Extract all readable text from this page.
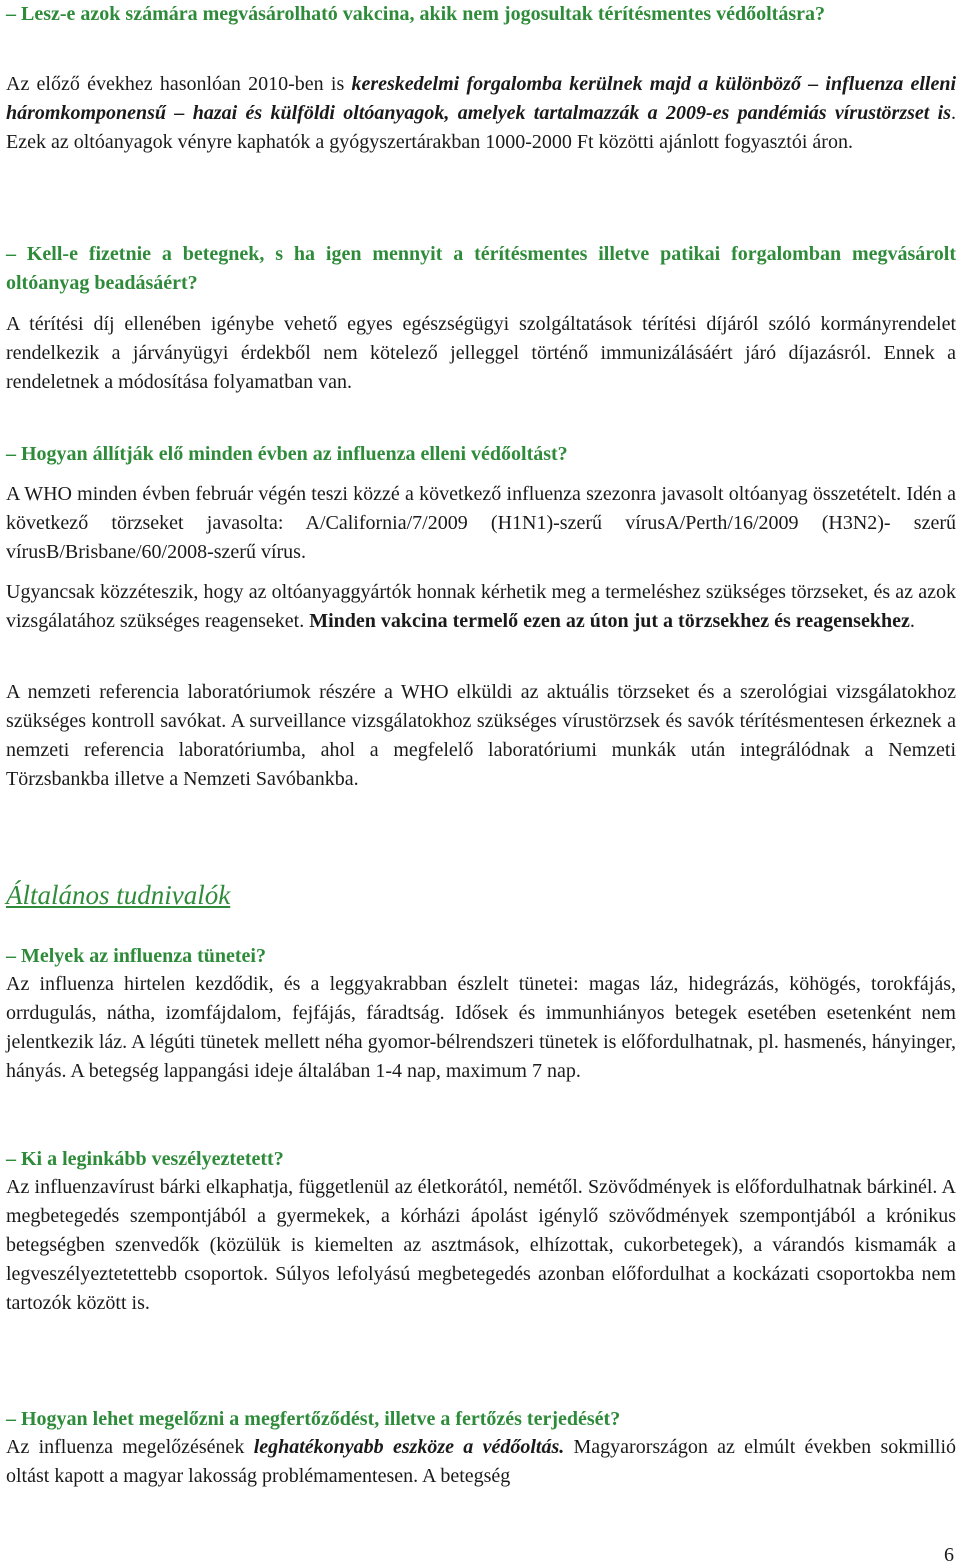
– Lesz-e azok számára megvásárolható vakcina, akik nem jogosultak térítésmentes védőoltásra?

Az előző évekhez hasonlóan 2010-ben is kereskedelmi forgalomba kerülnek majd a különböző – influenza elleni háromkomponensű – hazai és külföldi oltóanyagok, amelyek tartalmazzák a 2009-es pandémiás vírustörzset is. Ezek az oltóanyagok vényre kaphatók a gyógyszertárakban 1000-2000 Ft közötti ajánlott fogyasztói áron.

– Kell-e fizetnie a betegnek, s ha igen mennyit a térítésmentes illetve patikai forgalomban megvásárolt oltóanyag beadásáért?

A térítési díj ellenében igénybe vehető egyes egészségügyi szolgáltatások térítési díjáról szóló kormányrendelet rendelkezik a járványügyi érdekből nem kötelező jelleggel történő immunizálásáért járó díjazásról. Ennek a rendeletnek a módosítása folyamatban van.

– Hogyan állítják elő minden évben az influenza elleni védőoltást?

A WHO minden évben február végén teszi közzé a következő influenza szezonra javasolt oltóanyag összetételt. Idén a következő törzseket javasolta: A/California/7/2009 (H1N1)-szerű vírusA/Perth/16/2009 (H3N2)- szerű vírusB/Brisbane/60/2008-szerű vírus.

Ugyancsak közzéteszik, hogy az oltóanyaggyártók honnak kérhetik meg a termeléshez szükséges törzseket, és az azok vizsgálatához szükséges reagenseket. Minden vakcina termelő ezen az úton jut a törzsekhez és reagensekhez.

A nemzeti referencia laboratóriumok részére a WHO elküldi az aktuális törzseket és a szerológiai vizsgálatokhoz szükséges kontroll savókat. A surveillance vizsgálatokhoz szükséges vírustörzsek és savók térítésmentesen érkeznek a nemzeti referencia laboratóriumba, ahol a megfelelő laboratóriumi munkák után integrálódnak a Nemzeti Törzsbankba illetve a Nemzeti Savóbankba.

Általános tudnivalók

– Melyek az influenza tünetei?

Az influenza hirtelen kezdődik, és a leggyakrabban észlelt tünetei: magas láz, hidegrázás, köhögés, torokfájás, orrdugulás, nátha, izomfájdalom, fejfájás, fáradtság. Idősek és immunhiányos betegek esetében esetenként nem jelentkezik láz. A légúti tünetek mellett néha gyomor-bélrendszeri tünetek is előfordulhatnak, pl. hasmenés, hányinger, hányás. A betegség lappangási ideje általában 1-4 nap, maximum 7 nap.

– Ki a leginkább veszélyeztetett?

Az influenzavírust bárki elkaphatja, függetlenül az életkorától, nemétől. Szövődmények is előfordulhatnak bárkinél. A megbetegedés szempontjából a gyermekek, a kórházi ápolást igénylő szövődmények szempontjából a krónikus betegségben szenvedők (közülük is kiemelten az asztmások, elhízottak, cukorbetegek), a várandós kismamák a legveszélyeztetettebb csoportok. Súlyos lefolyású megbetegedés azonban előfordulhat a kockázati csoportokba nem tartozók között is.

– Hogyan lehet megelőzni a megfertőződést, illetve a fertőzés terjedését?

Az influenza megelőzésének leghatékonyabb eszköze a védőoltás. Magyarországon az elmúlt években sokmillió oltást kapott a magyar lakosság problémamentesen. A betegség

6
